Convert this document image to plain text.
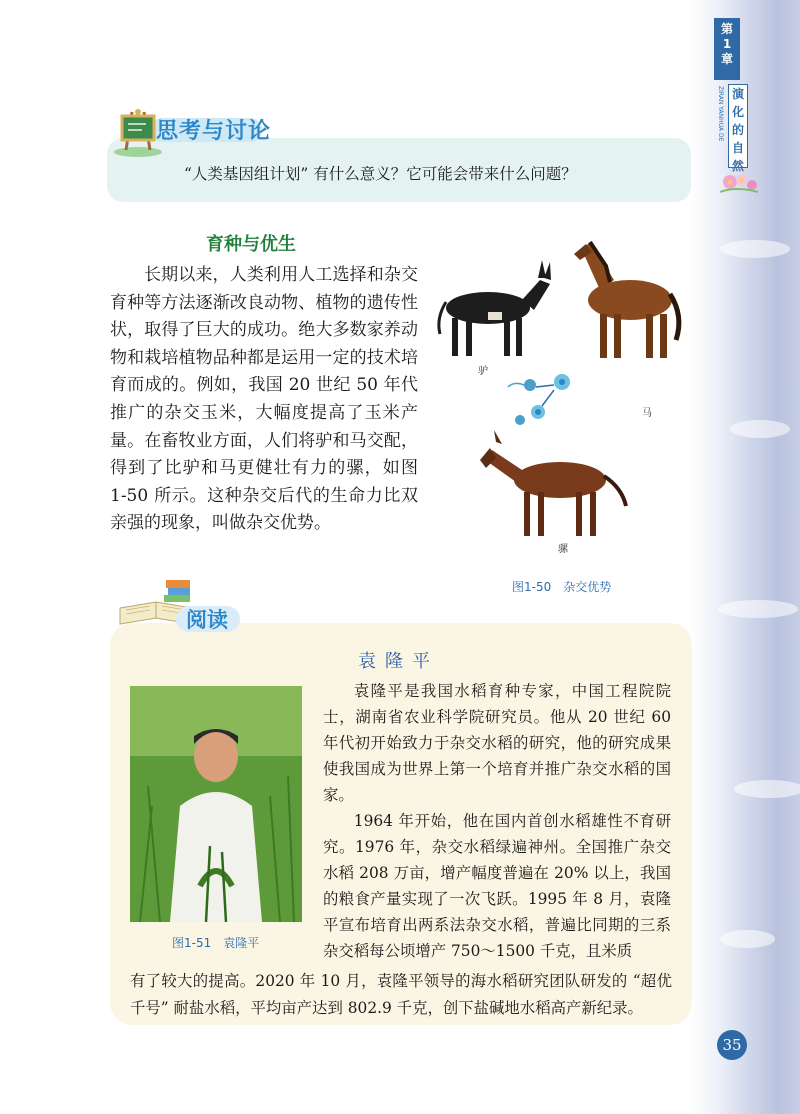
第
1
章
ZIRAN YANHUA DE 演
化
的
自
然
思考与讨论
“人类基因组计划” 有什么意义？它可能会带来什么问题？
育种与优生
长期以来，人类利用人工选择和杂交育种等方法逐渐改良动物、植物的遗传性状，取得了巨大的成功。绝大多数家养动物和栽培植物品种都是运用一定的技术培育而成的。例如，我国 20 世纪 50 年代推广的杂交玉米，大幅度提高了玉米产量。在畜牧业方面，人们将驴和马交配，得到了比驴和马更健壮有力的骡，如图 1-50 所示。这种杂交后代的生命力比双亲强的现象，叫做杂交优势。
驴
马
骡
图1-50　杂交优势
阅读
袁隆平
图1-51　袁隆平
袁隆平是我国水稻育种专家，中国工程院院士，湖南省农业科学院研究员。他从 20 世纪 60 年代初开始致力于杂交水稻的研究，他的研究成果使我国成为世界上第一个培育并推广杂交水稻的国家。
1964 年开始，他在国内首创水稻雄性不育研究。1976 年，杂交水稻绿遍神州。全国推广杂交水稻 208 万亩，增产幅度普遍在 20% 以上，我国的粮食产量实现了一次飞跃。1995 年 8 月，袁隆平宣布培育出两系法杂交水稻，普遍比同期的三系杂交稻每公顷增产 750～1500 千克，且米质
有了较大的提高。2020 年 10 月，袁隆平领导的海水稻研究团队研发的 “超优千号” 耐盐水稻，平均亩产达到 802.9 千克，创下盐碱地水稻高产新纪录。
35
